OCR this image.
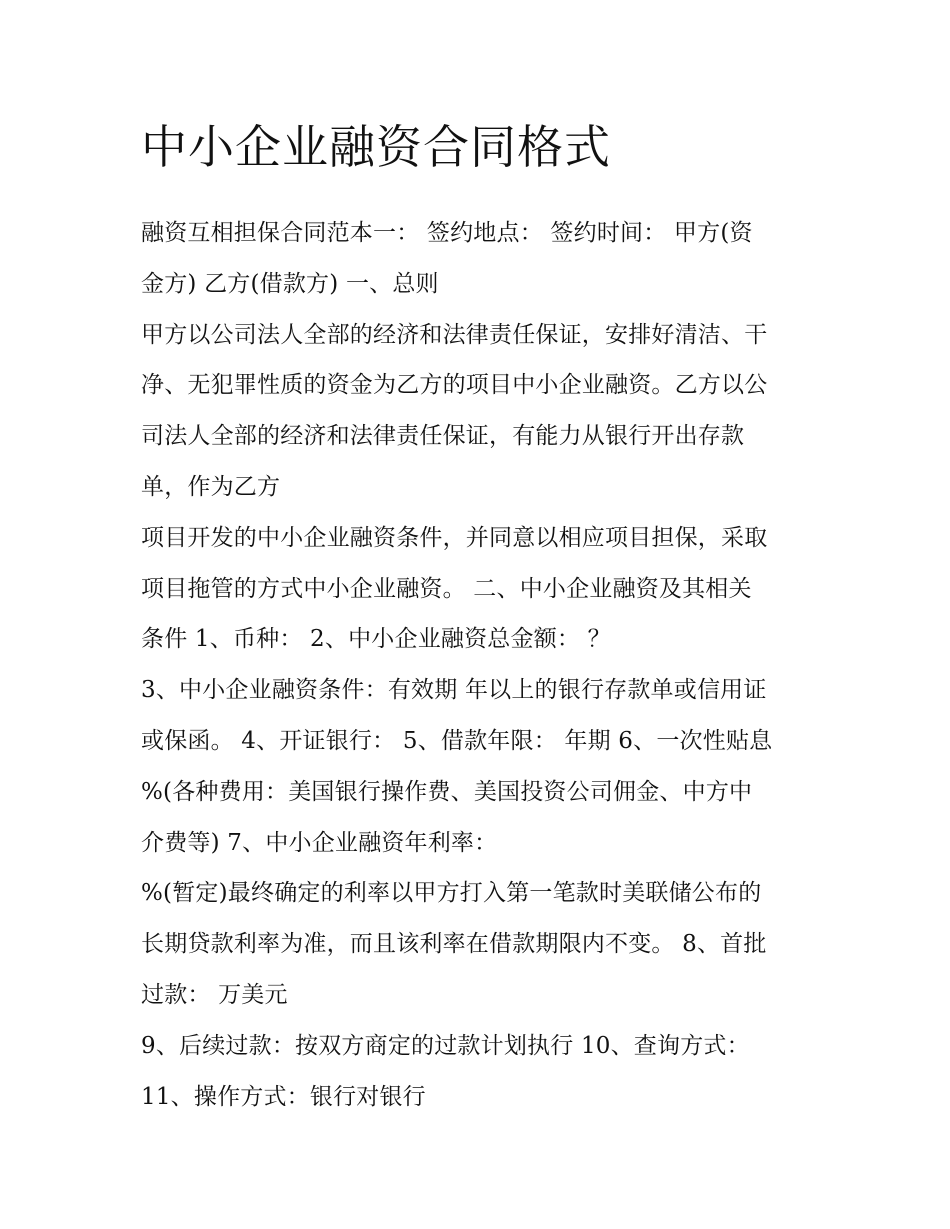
中小企业融资合同格式

融资互相担保合同范本一： 签约地点： 签约时间： 甲方(资
金方) 乙方(借款方) 一、总则

甲方以公司法人全部的经济和法律责任保证，安排好清洁、干
净、无犯罪性质的资金为乙方的项目中小企业融资。乙方以公
司法人全部的经济和法律责任保证，有能力从银行开出存款
单，作为乙方

项目开发的中小企业融资条件，并同意以相应项目担保，采取
项目拖管的方式中小企业融资。 二、中小企业融资及其相关
条件 1、币种： 2、中小企业融资总金额： ？

3、中小企业融资条件：有效期 年以上的银行存款单或信用证
或保函。 4、开证银行： 5、借款年限： 年期 6、一次性贴息
%(各种费用：美国银行操作费、美国投资公司佣金、中方中
介费等) 7、中小企业融资年利率：

%(暂定)最终确定的利率以甲方打入第一笔款时美联储公布的
长期贷款利率为准，而且该利率在借款期限内不变。 8、首批
过款： 万美元

9、后续过款：按双方商定的过款计划执行 10、查询方式：
11、操作方式：银行对银行
